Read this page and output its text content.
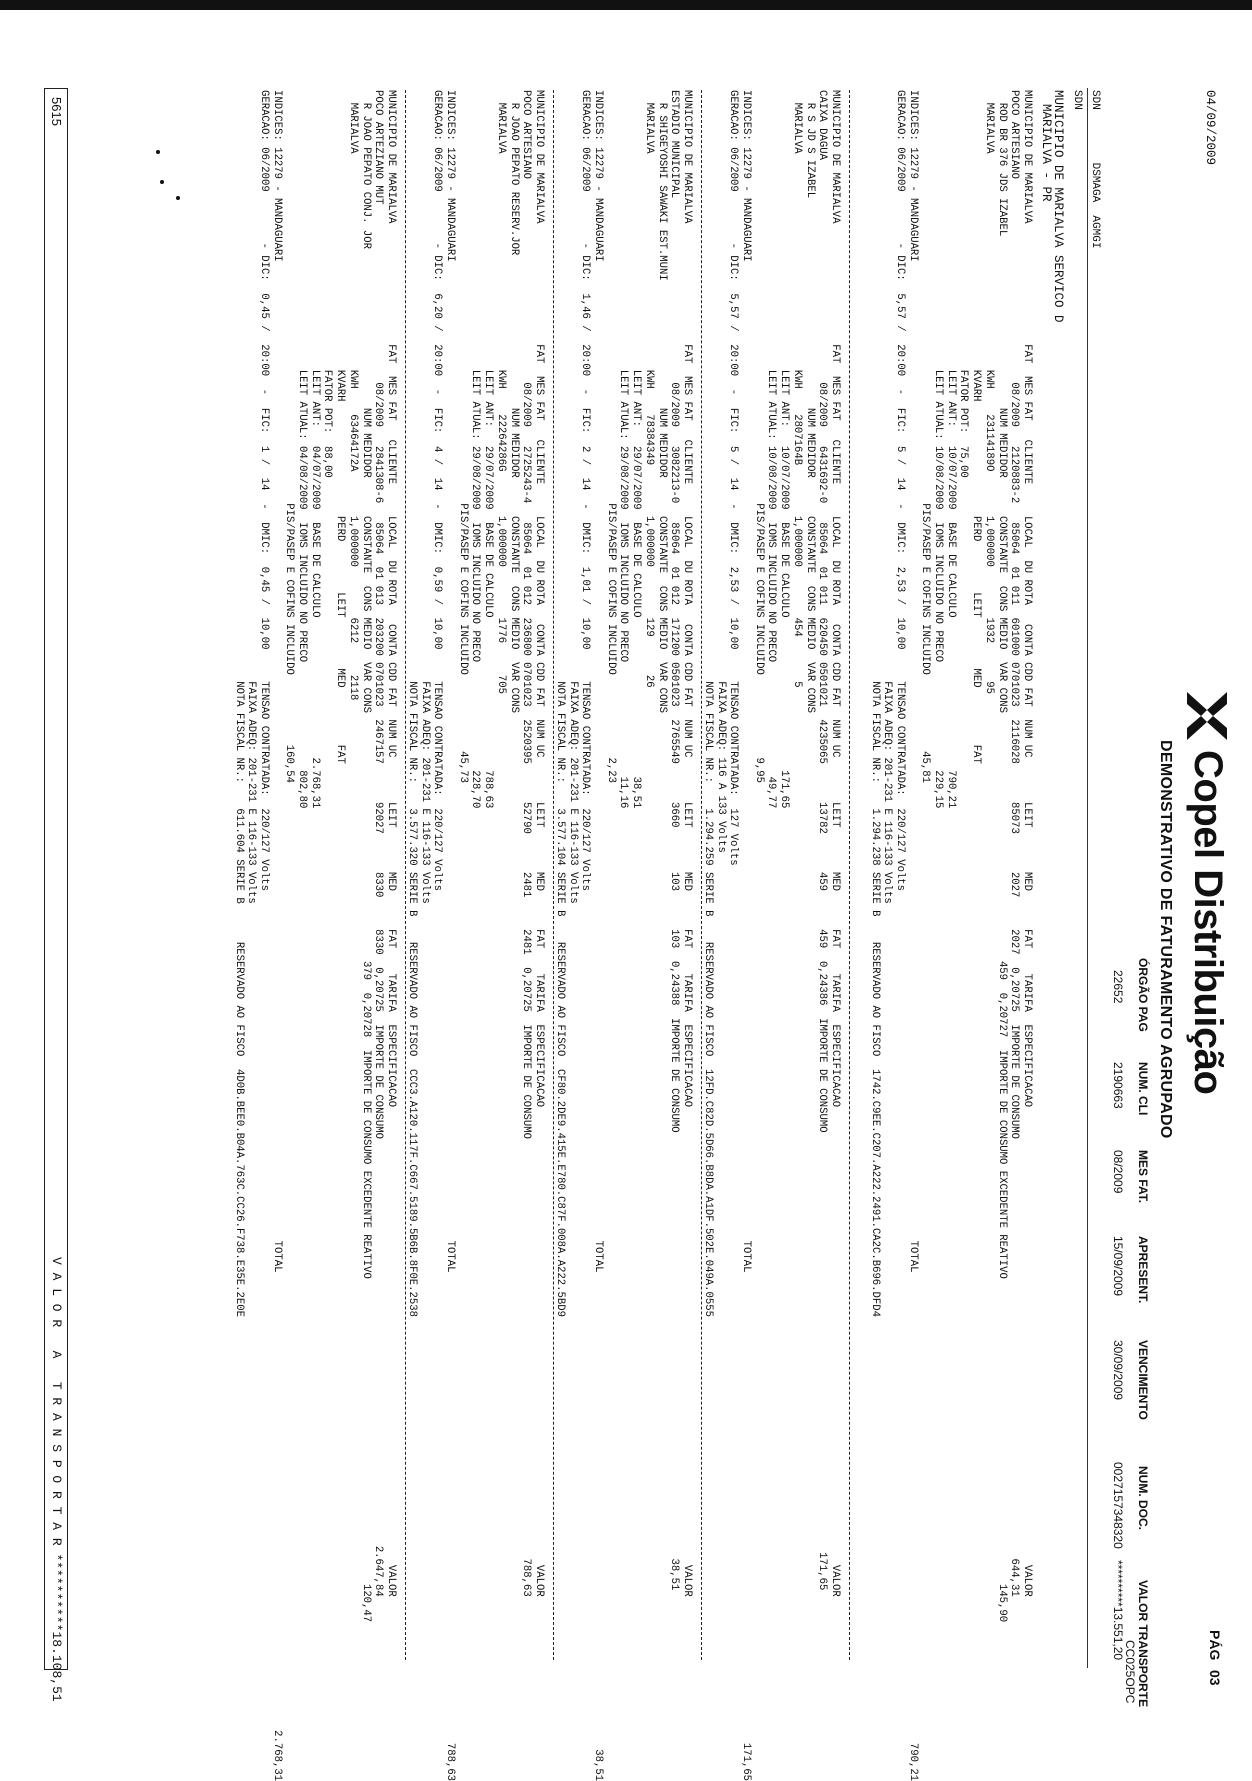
04/09/2009
PÁG
03
Copel Distribuição
DEMONSTRATIVO DE FATURAMENTO AGRUPADO
CC025OPC
ÓRGÃO PAG
NUM. CLI
MES FAT.
APRESENT.
VENCIMENTO
NUM. DOC.
VALOR TRANSPORTE
22652
2190663
08/2009
15/09/2009
30/09/2009
0027157348320
**********13.551,20
SDN        DSMAGA  AGMGI
SDN
MUNICIPIO DE MARIALVA SERVICO D
MARIALVA - PR
MUNICIPIO DE MARIALVA                   FAT  MES FAT   CLIENTE     LOCAL  DU ROTA   CONTA CDD FAT  NUM UC       LEIT       MED      FAT    TARIFA  ESPECIFICACAO                                                                        VALOR
POCO ARTESIANO                                08/2009   2120883-2   85064  01 011  601000 0701023  2116028      85073      2027     2027  0,20725  IMPORTE DE CONSUMO                                                                  644,31
ROD BR 376 JDS IZABEL                           NUM MEDIDOR      CONSTANTE  CONS MEDIO  VAR CONS                                       459  0,20727  IMPORTE DE CONSUMO EXCEDENTE REATIVO                                                145,90
MARIALVA                                  KWH    23114189O       1,000000        1932      95
KVARH                  PERD        LEIT        MED         FAT
FATOR POT:  75,00
LEIT ANT:   10/07/2009  BASE DE CALCULO                        790,21
LEIT ATUAL: 10/08/2009  IOMS INCLUIDO NO PRECO                 229,15
PIS/PASEP E COFINS INCLUIDO            45,81
INDICES: 12279 - MANDAGUARI                                                                                                                                                          TOTAL                                                                          790,21
GERACAO: 06/2009        - DIC:  5,57 /  20:00  -  FIC:  5 /  14  -  DMIC:  2,53 /  10,00     TENSAO CONTRATADA:  220/127 Volts
FAIXA ADEQ: 201-231 E 116-133 Volts
NOTA FISCAL NR.:    1.294.238 SERIE B    RESERVADO AO FISCO  1742.C9EE.C207.A222.2491.CA2C.B696.DFD4
MUNICIPIO DE MARIALVA                   FAT  MES FAT   CLIENTE     LOCAL  DU ROTA   CONTA CDD FAT  NUM UC       LEIT       MED      FAT    TARIFA  ESPECIFICACAO                                                                        VALOR
CAIXA DAGUA                                   08/2009   6431692-0   85064  01 011  620450 0501021  4235065      13782      459      459  0,24386  IMPORTE DE CONSUMO                                                                  171,65
R S JD S IZABEL                                 NUM MEDIDOR      CONSTANTE  CONS MEDIO  VAR CONS
MARIALVA                                  KWH    2807164B        1,000000        454       5
LEIT ANT:   10/07/2009  BASE DE CALCULO                        171,65
LEIT ATUAL: 10/08/2009  IOMS INCLUIDO NO PRECO                  49,77
PIS/PASEP E COFINS INCLUIDO             9,95
INDICES: 12279 - MANDAGUARI                                                                                                                                                          TOTAL                                                                          171,65
GERACAO: 06/2009        - DIC:  5,57 /  20:00  -  FIC:  5 /  14  -  DMIC:  2,53 /  10,00     TENSAO CONTRATADA:  127 Volts
FAIXA ADEQ: 116 A 133 Volts
NOTA FISCAL NR.:    1.294.259 SERIE B    RESERVADO AO FISCO  12FD.C82D.5D66.B8DA.A1DF.502E.049A.0555
MUNICIPIO DE MARIALVA                   FAT  MES FAT   CLIENTE     LOCAL  DU ROTA   CONTA CDD FAT  NUM UC       LEIT       MED      FAT    TARIFA  ESPECIFICACAO                                                                        VALOR
ESTADIO MUNICIPAL                             08/2009   3082213-0   85064  01 012  171200 0501023  2765549      3660       103      103  0,24388  IMPORTE DE CONSUMO                                                                   38,51
R SHIGEYOSHI SAWAKI EST.MUNI                    NUM MEDIDOR      CONSTANTE  CONS MEDIO  VAR CONS
MARIALVA                                  KWH    78384349        1,000000        129      26
LEIT ANT:   29/07/2009  BASE DE CALCULO                         38,51
LEIT ATUAL: 29/08/2009  IOMS INCLUIDO NO PRECO                  11,16
PIS/PASEP E COFINS INCLUIDO             2,23
INDICES: 12279 - MANDAGUARI                                                                                                                                                          TOTAL                                                                           38,51
GERACAO: 06/2009        - DIC:  1,46 /  20:00  -  FIC:  2 /  14  -  DMIC:  1,01 /  10,00     TENSAO CONTRATADA:  220/127 Volts
FAIXA ADEQ: 201-231 E 116-133 Volts
NOTA FISCAL NR.:    3.577.104 SERIE B    RESERVADO AO FISCO  CF80.2DE9.415E.E780.C87F.008A.A222.5BD9
MUNICIPIO DE MARIALVA                   FAT  MES FAT   CLIENTE     LOCAL  DU ROTA   CONTA CDD FAT  NUM UC       LEIT       MED      FAT    TARIFA  ESPECIFICACAO                                                                        VALOR
POCO ARTESIANO                                08/2009   2725243-4   85064  01 012  236800 0701023  2520395      52790      2481     2481  0,20725  IMPORTE DE CONSUMO                                                                  788,63
R JOAO PEPATO RESERV.JOR                        NUM MEDIDOR      CONSTANTE  CONS MEDIO  VAR CONS
MARIALVA                                  KWH    22264286G       1,000000        1776     705
LEIT ANT:   29/07/2009  BASE DE CALCULO                        788,63
LEIT ATUAL: 29/08/2009  IOMS INCLUIDO NO PRECO                 228,70
PIS/PASEP E COFINS INCLUIDO            45,73
INDICES: 12279 - MANDAGUARI                                                                                                                                                          TOTAL                                                                          788,63
GERACAO: 06/2009        - DIC:  6,20 /  20:00  -  FIC:  4 /  14  -  DMIC:  0,59 /  10,00     TENSAO CONTRATADA:  220/127 Volts
FAIXA ADEQ: 201-231 E 116-133 Volts
NOTA FISCAL NR.:    3.577.320 SERIE B    RESERVADO AO FISCO  CCC3.A120.117F.C667.5189.5B6B.8F0E.2538
MUNICIPIO DE MARIALVA                   FAT  MES FAT   CLIENTE     LOCAL  DU ROTA   CONTA CDD FAT  NUM UC       LEIT       MED      FAT    TARIFA  ESPECIFICACAO                                                                        VALOR
POCO ARTEZIANO MUT                            08/2009   2841308-6   85064  01 013  203200 0701023  2467157      92027      8330     8330  0,20725  IMPORTE DE CONSUMO                                                                2.647,84
R JOAO PEPATO CONJ. JOR                         NUM MEDIDOR      CONSTANTE  CONS MEDIO  VAR CONS                                       379  0,20728  IMPORTE DE CONSUMO EXCEDENTE REATIVO                                                120,47
MARIALVA                                  KWH    63464172A       1,000000        6212     2118
KVARH                  PERD        LEIT        MED         FAT
FATOR POT:  88,00
LEIT ANT:   04/07/2009  BASE DE CALCULO                      2.768,31
LEIT ATUAL: 04/08/2009  IOMS INCLUIDO NO PRECO                 802,80
PIS/PASEP E COFINS INCLUIDO           160,54
INDICES: 12279 - MANDAGUARI                                                                                                                                                          TOTAL                                                                        2.768,31
GERACAO: 06/2009        - DIC:  0,45 /  20:00  -  FIC:  1 /  14  -  DMIC:  0,45 /  10,00     TENSAO CONTRATADA:  220/127 Volts
FAIXA ADEQ: 201-231 E 116-133 Volts
NOTA FISCAL NR.:    611.604 SERIE B      RESERVADO AO FISCO  4D0B.BEE0.B04A.763C.CC26.F738.E35E.2E0E
5615
V A L O R   A   T R A N S P O R T A R **********18.108,51
